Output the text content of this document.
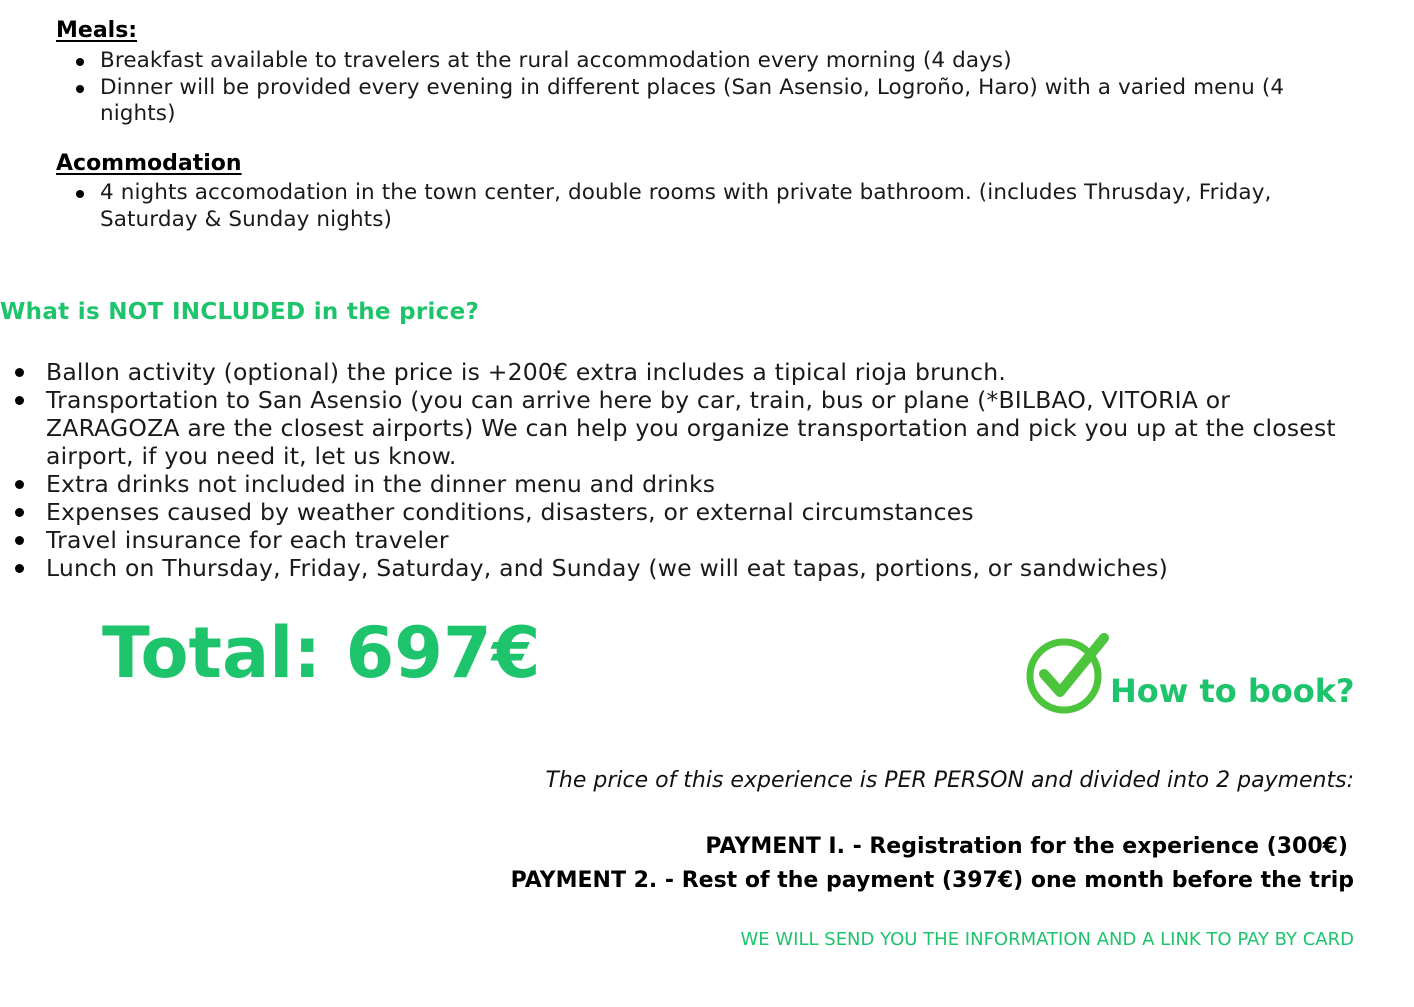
Meals:
Breakfast available to travelers at the rural accommodation every morning (4 days)
Dinner will be provided every evening in different places (San Asensio, Logroño, Haro) with a varied menu (4 nights)
Acommodation
4 nights accomodation in the town center, double rooms with private bathroom. (includes Thrusday, Friday, Saturday & Sunday nights)
What is NOT INCLUDED in the price?
Ballon activity (optional) the price is +200€ extra includes a tipical rioja brunch.
Transportation to San Asensio (you can arrive here by car, train, bus or plane (*BILBAO, VITORIA or ZARAGOZA are the closest airports) We can help you organize transportation and pick you up at the closest airport, if you need it, let us know.
Extra drinks not included in the dinner menu and drinks
Expenses caused by weather conditions, disasters, or external circumstances
Travel insurance for each traveler
Lunch on Thursday, Friday, Saturday, and Sunday (we will eat tapas, portions, or sandwiches)
Total: 697€	How to book?

The price of this experience is PER PERSON and divided into 2 payments:

PAYMENT I. - Registration for the experience (300€)

PAYMENT 2. - Rest of the payment (397€) one month before the trip

WE WILL SEND YOU THE INFORMATION AND A LINK TO PAY BY CARD
